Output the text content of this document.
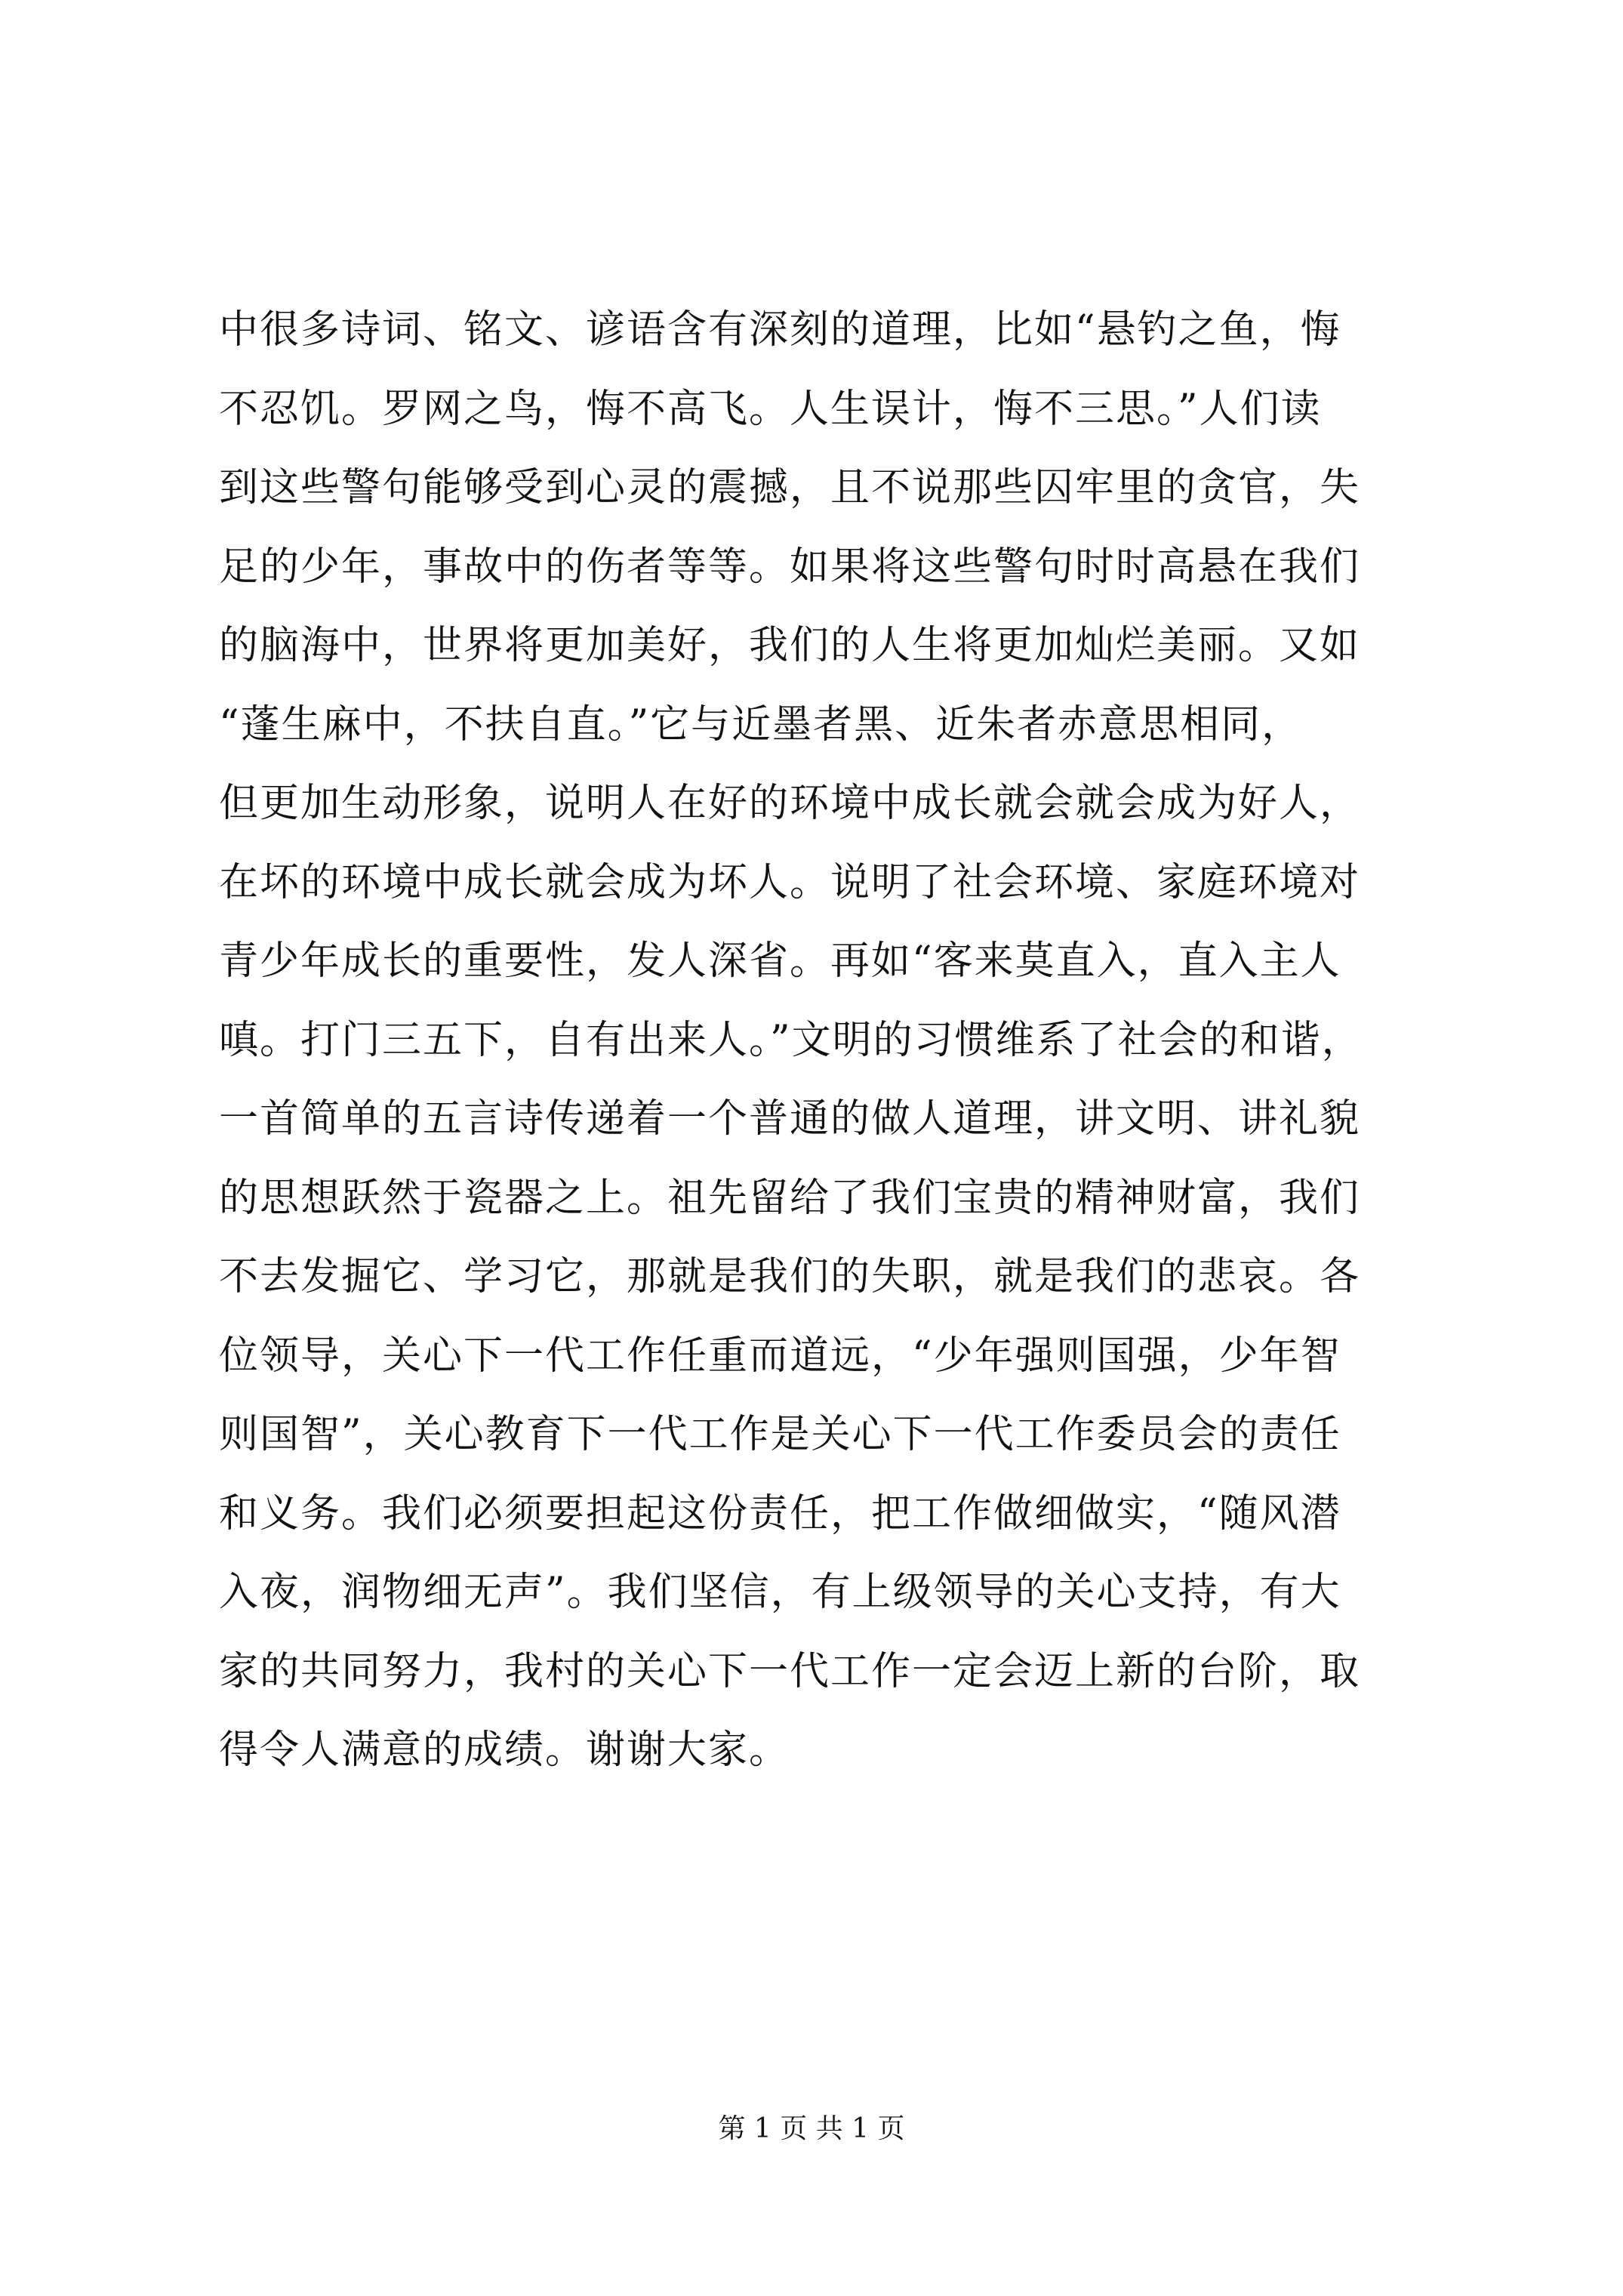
中很多诗词、铭文、谚语含有深刻的道理，比如“悬钓之鱼，悔
不忍饥。罗网之鸟，悔不高飞。人生误计，悔不三思。”人们读
到这些警句能够受到心灵的震撼，且不说那些囚牢里的贪官，失
足的少年，事故中的伤者等等。如果将这些警句时时高悬在我们
的脑海中，世界将更加美好，我们的人生将更加灿烂美丽。又如
“蓬生麻中，不扶自直。”它与近墨者黑、近朱者赤意思相同，
但更加生动形象，说明人在好的环境中成长就会就会成为好人，
在坏的环境中成长就会成为坏人。说明了社会环境、家庭环境对
青少年成长的重要性，发人深省。再如“客来莫直入，直入主人
嗔。打门三五下，自有出来人。”文明的习惯维系了社会的和谐，
一首简单的五言诗传递着一个普通的做人道理，讲文明、讲礼貌
的思想跃然于瓷器之上。祖先留给了我们宝贵的精神财富，我们
不去发掘它、学习它，那就是我们的失职，就是我们的悲哀。各
位领导，关心下一代工作任重而道远，“少年强则国强，少年智
则国智”，关心教育下一代工作是关心下一代工作委员会的责任
和义务。我们必须要担起这份责任，把工作做细做实，“随风潜
入夜，润物细无声”。我们坚信，有上级领导的关心支持，有大
家的共同努力，我村的关心下一代工作一定会迈上新的台阶，取
得令人满意的成绩。谢谢大家。
第 1 页 共 1 页
